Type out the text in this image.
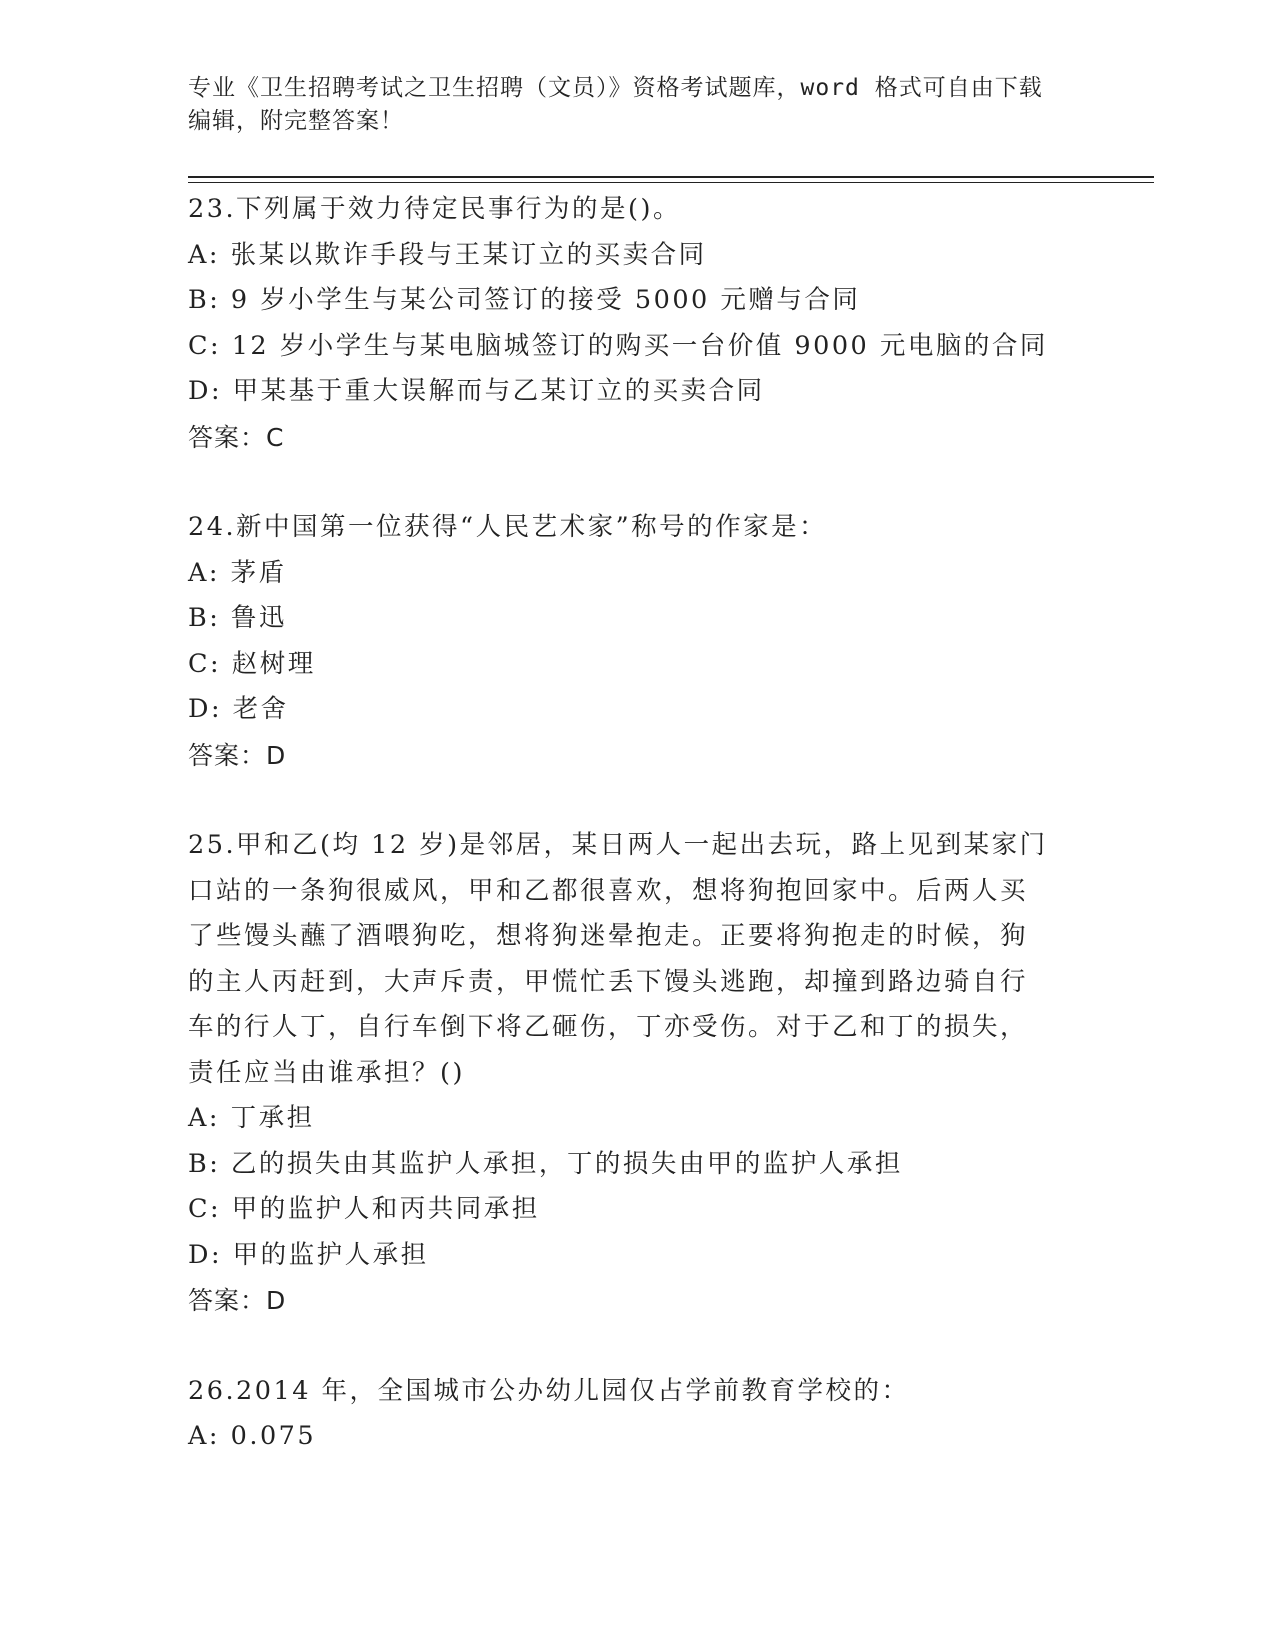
专业《卫生招聘考试之卫生招聘（文员）》资格考试题库，word 格式可自由下载
编辑，附完整答案！
23.下列属于效力待定民事行为的是()。
A: 张某以欺诈手段与王某订立的买卖合同
B: 9 岁小学生与某公司签订的接受 5000 元赠与合同
C: 12 岁小学生与某电脑城签订的购买一台价值 9000 元电脑的合同
D: 甲某基于重大误解而与乙某订立的买卖合同
答案：C
24.新中国第一位获得“人民艺术家”称号的作家是：
A: 茅盾
B: 鲁迅
C: 赵树理
D: 老舍
答案：D
25.甲和乙(均 12 岁)是邻居，某日两人一起出去玩，路上见到某家门
口站的一条狗很威风，甲和乙都很喜欢，想将狗抱回家中。后两人买
了些馒头蘸了酒喂狗吃，想将狗迷晕抱走。正要将狗抱走的时候，狗
的主人丙赶到，大声斥责，甲慌忙丢下馒头逃跑，却撞到路边骑自行
车的行人丁，自行车倒下将乙砸伤，丁亦受伤。对于乙和丁的损失，
责任应当由谁承担？()
A: 丁承担
B: 乙的损失由其监护人承担，丁的损失由甲的监护人承担
C: 甲的监护人和丙共同承担
D: 甲的监护人承担
答案：D
26.2014 年，全国城市公办幼儿园仅占学前教育学校的：
A: 0.075
